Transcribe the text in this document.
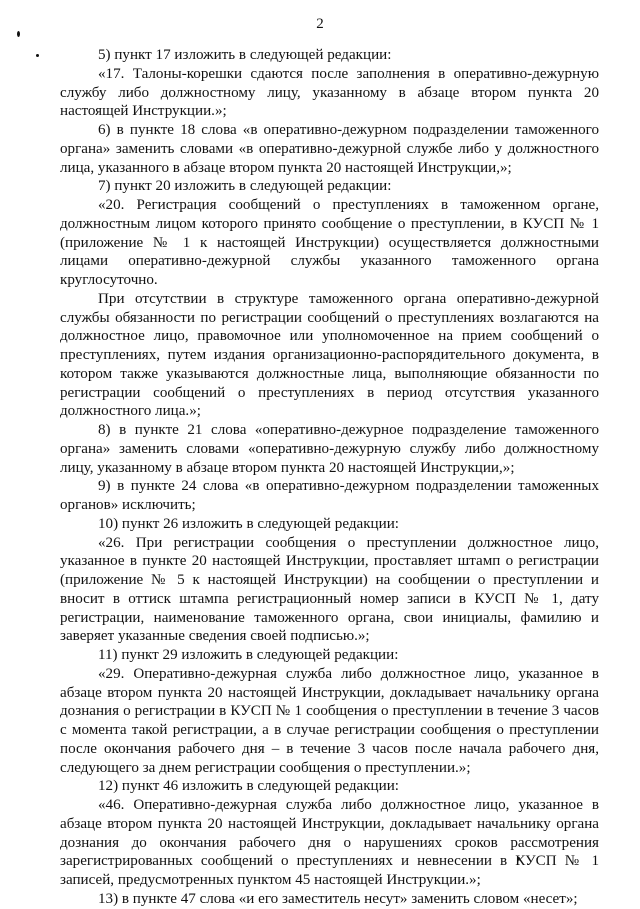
2

5) пункт 17 изложить в следующей редакции:

«17. Талоны-корешки сдаются после заполнения в оперативно-дежурную службу либо должностному лицу, указанному в абзаце втором пункта 20 настоящей Инструкции.»;

6) в пункте 18 слова «в оперативно-дежурном подразделении таможенного органа» заменить словами «в оперативно-дежурной службе либо у должностного лица, указанного в абзаце втором пункта 20 настоящей Инструкции,»;

7) пункт 20 изложить в следующей редакции:

«20. Регистрация сообщений о преступлениях в таможенном органе, должностным лицом которого принято сообщение о преступлении, в КУСП № 1 (приложение № 1 к настоящей Инструкции) осуществляется должностными лицами оперативно-дежурной службы указанного таможенного органа круглосуточно.

При отсутствии в структуре таможенного органа оперативно-дежурной службы обязанности по регистрации сообщений о преступлениях возлагаются на должностное лицо, правомочное или уполномоченное на прием сообщений о преступлениях, путем издания организационно-распорядительного документа, в котором также указываются должностные лица, выполняющие обязанности по регистрации сообщений о преступлениях в период отсутствия указанного должностного лица.»;

8) в пункте 21 слова «оперативно-дежурное подразделение таможенного органа» заменить словами «оперативно-дежурную службу либо должностному лицу, указанному в абзаце втором пункта 20 настоящей Инструкции,»;

9) в пункте 24 слова «в оперативно-дежурном подразделении таможенных органов» исключить;

10) пункт 26 изложить в следующей редакции:

«26. При регистрации сообщения о преступлении должностное лицо, указанное в пункте 20 настоящей Инструкции, проставляет штамп о регистрации (приложение № 5 к настоящей Инструкции) на сообщении о преступлении и вносит в оттиск штампа регистрационный номер записи в КУСП № 1, дату регистрации, наименование таможенного органа, свои инициалы, фамилию и заверяет указанные сведения своей подписью.»;

11) пункт 29 изложить в следующей редакции:

«29. Оперативно-дежурная служба либо должностное лицо, указанное в абзаце втором пункта 20 настоящей Инструкции, докладывает начальнику органа дознания о регистрации в КУСП № 1 сообщения о преступлении в течение 3 часов с момента такой регистрации, а в случае регистрации сообщения о преступлении после окончания рабочего дня – в течение 3 часов после начала рабочего дня, следующего за днем регистрации сообщения о преступлении.»;

12) пункт 46 изложить в следующей редакции:

«46. Оперативно-дежурная служба либо должностное лицо, указанное в абзаце втором пункта 20 настоящей Инструкции, докладывает начальнику органа дознания до окончания рабочего дня о нарушениях сроков рассмотрения зарегистрированных сообщений о преступлениях и невнесении в КУСП № 1 записей, предусмотренных пунктом 45 настоящей Инструкции.»;

13) в пункте 47 слова «и его заместитель несут» заменить словом «несет»;
